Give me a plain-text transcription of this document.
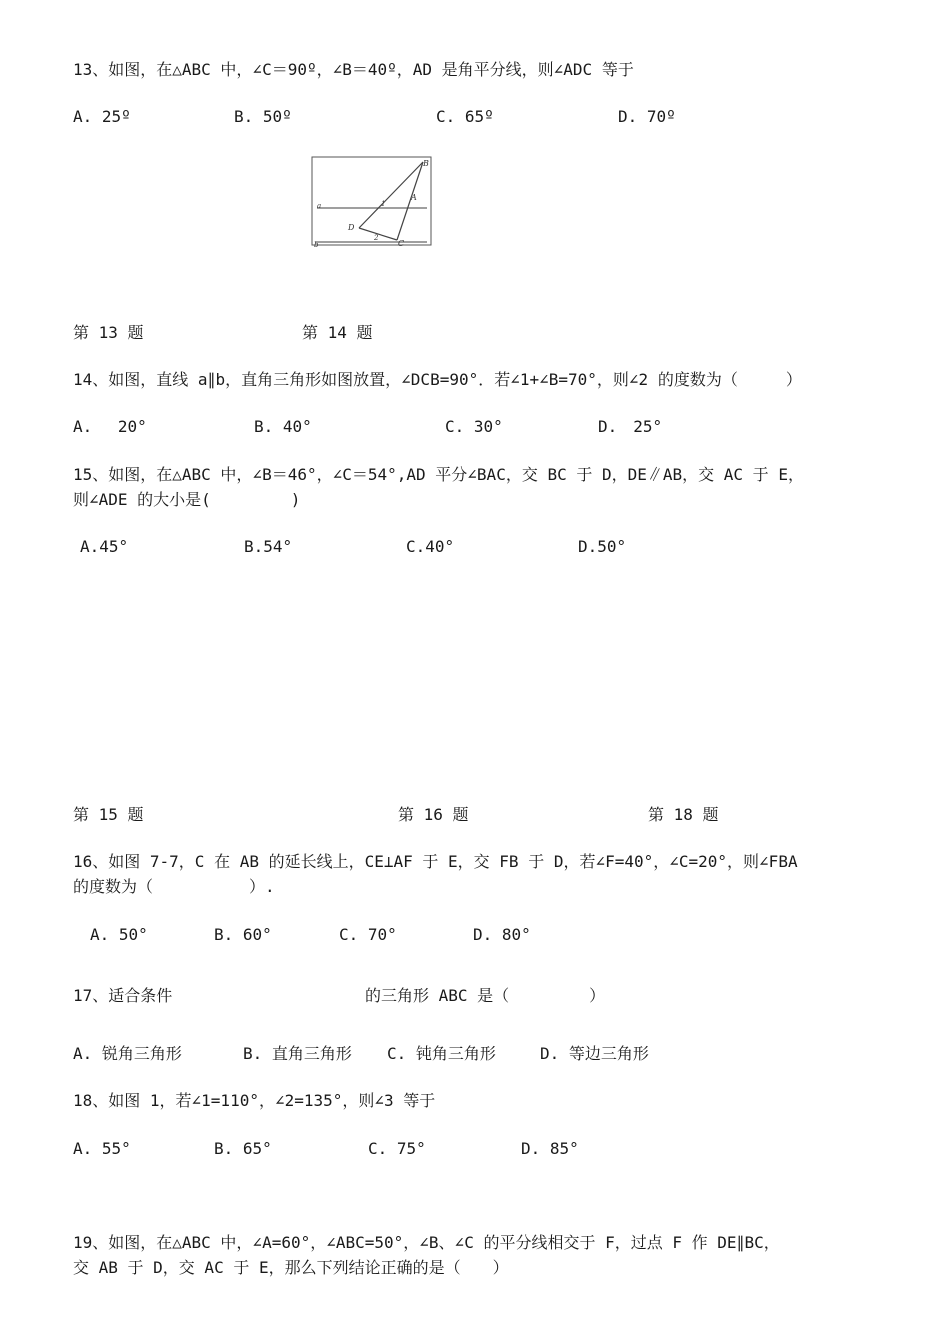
13、如图，在△ABC 中，∠C＝90º，∠B＝40º，AD 是角平分线，则∠ADC 等于
A. 25º	B. 50º	C. 65º	D. 70º
B
a	1
A
D
2
C
b
第 13 题	第 14 题
14、如图，直线 a∥b，直角三角形如图放置，∠DCB=90°．若∠1+∠B=70°，则∠2 的度数为（　　　）
A.　 20°	B. 40°	C. 30°	D.　25°
15、如图，在△ABC 中，∠B＝46°，∠C＝54°,AD 平分∠BAC，交 BC 于 D，DE∥AB，交 AC 于 E，
则∠ADE 的大小是(　　　　　)
A.45°	B.54°	C.40°	D.50°
第 15 题	第 16 题	第 18 题
16、如图 7-7，C 在 AB 的延长线上，CE⊥AF 于 E，交 FB 于 D，若∠F=40°，∠C=20°，则∠FBA
的度数为（　　　　　　）.
A. 50°	B. 60°	C. 70°	D. 80°
17、适合条件	的三角形 ABC 是（　　　　　）
A. 锐角三角形	B. 直角三角形 C. 钝角三角形	D. 等边三角形
18、如图 1，若∠1=110°，∠2=135°，则∠3 等于
A. 55°	B. 65°	C. 75°	D. 85°
19、如图，在△ABC 中，∠A=60°，∠ABC=50°，∠B、∠C 的平分线相交于 F，过点 F 作 DE∥BC，
交 AB 于 D，交 AC 于 E，那么下列结论正确的是（　　）
